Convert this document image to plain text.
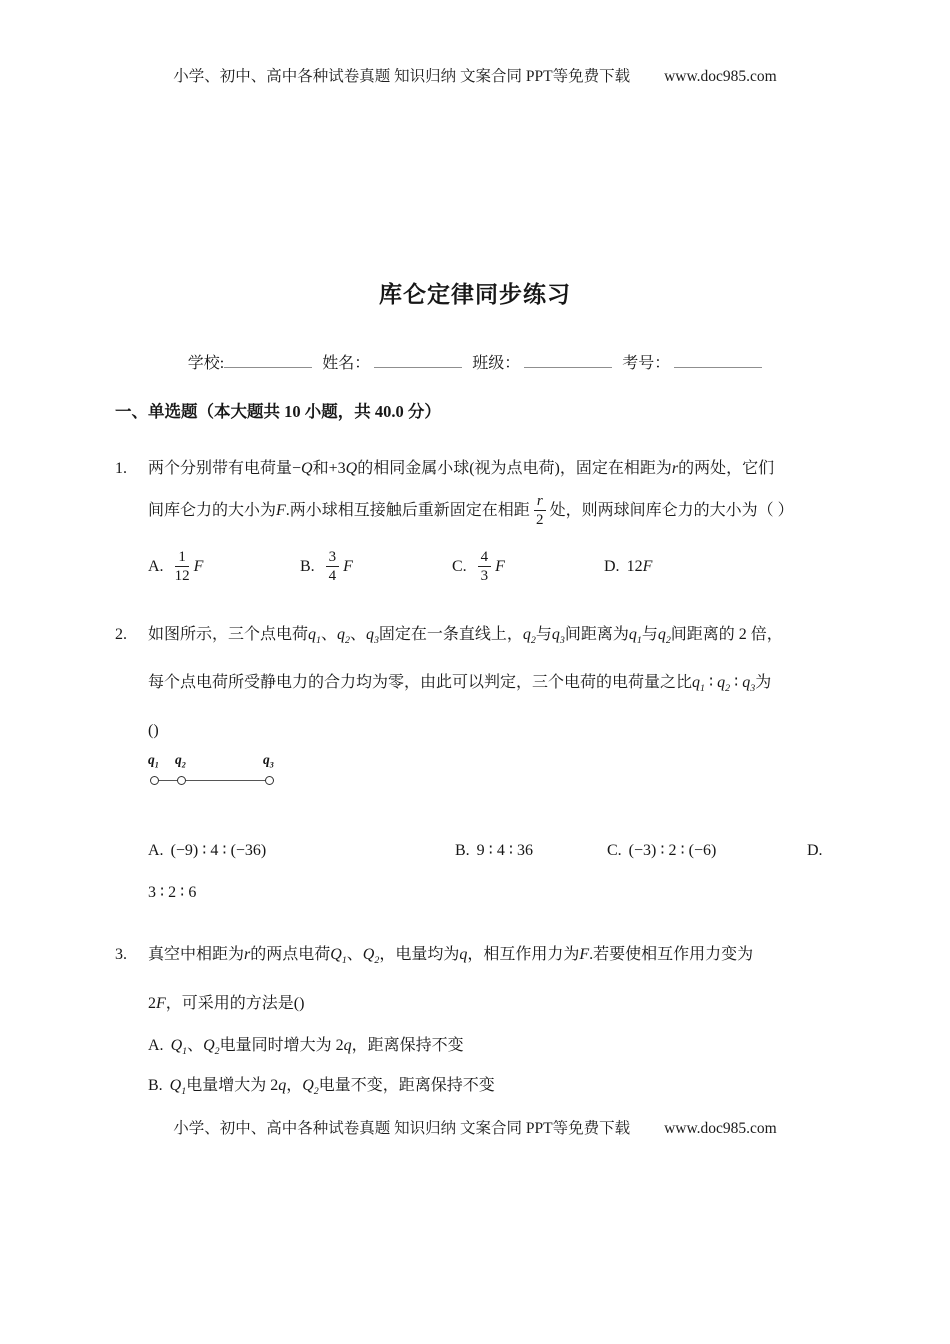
小学、初中、高中各种试卷真题 知识归纳 文案合同 PPT等免费下载 www.doc985.com
库仑定律同步练习
学校:	姓名：	班级：	考号：
一、单选题（本大题共 10 小题，共 40.0 分）
1.	两个分别带有电荷量−Q和+3Q的相同金属小球(视为点电荷)，固定在相距为r的两处，它们
间库仑力的大小为F.两小球相互接触后重新固定在相距 $\frac{r}{2}$ 处，则两球间库仑力的大小为（ ）
A. $\frac{1}{12}$ F	B. $\frac{3}{4}$ F	C. $\frac{4}{3}$ F	D. 12F
2.	如图所示，三个点电荷$q_1$、$q_2$、$q_3$固定在一条直线上，$q_2$与$q_3$间距离为$q_1$与$q_2$间距离的 2 倍，
每个点电荷所受静电力的合力均为零，由此可以判定，三个电荷的电荷量之比$q_1$ ∶ $q_2$ ∶ $q_3$为
()
$q_1$ $q_2$	$q_3$
A. (−9) ∶ 4 ∶ (−36)	B. 9 ∶ 4 ∶ 36	C. (−3) ∶ 2 ∶ (−6)	D.
3 ∶ 2 ∶ 6
3.	真空中相距为r的两点电荷$Q_1$、$Q_2$，电量均为q，相互作用力为F.若要使相互作用力变为
2F，可采用的方法是()
A. $Q_1$、$Q_2$电量同时增大为 2q，距离保持不变
B. $Q_1$电量增大为 2q，$Q_2$电量不变，距离保持不变
小学、初中、高中各种试卷真题 知识归纳 文案合同 PPT等免费下载 www.doc985.com
